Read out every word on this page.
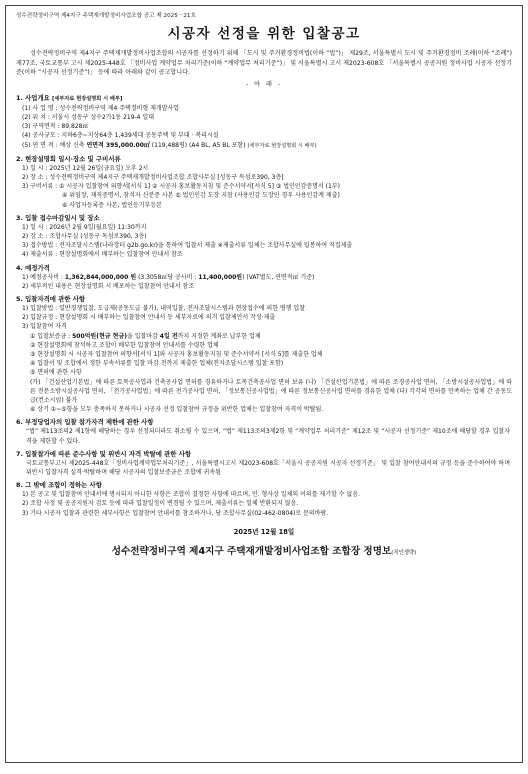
성수전략정비구역 제4지구 주택재개발정비사업조합 공고 제 2025－21호
시공자 선정을 위한 입찰공고

성수전략정비구역 제4지구 주택재개발정비사업조합의 시공자를 선정하기 위해 「도시 및 주거환경정비법(이하 “법”)」 제29조, 서울특별시 도시 및 주거환경정비 조례(이하 “조례”) 제77조, 국토교통부 고시 제2025-448호 「정비사업 계약업무 처리기준(이하 “계약업무 처리기준”)」 및 서울특별시 고시 제2023-608호 「서울특별시 공공지원 정비사업 시공자 선정기준(이하 “시공자 선정기준”)」 등에 따라 아래와 같이 공고합니다.

- 아 래 -
1. 사업개요 [세부자료 현장설명회 시 배부]
(1) 사 업 명 : 성수전략정비구역 제4 주택정비형 재개발사업
(2) 위 치 : 서울시 성동구 성수2가1동 219-4 일대
(3) 구역면적 : 89,828㎡
(4) 공사규모 : 지하6층~지상64층 1,439세대 공동주택 및 부대 · 복리시설
(5) 연 면 적 : 예상 신축 연면적 395,000.00㎡ (119,488평) (A4 BL, A5 BL 포함) (세부자료 현장설명회 시 배부)
2. 현장설명회 일시·장소 및 구비서류
1) 일 시 : 2025년 12월 26일(금요일) 오후 2시
2) 장 소 : 성수전략정비구역 제4지구 주택재개발정비사업조합 조합사무실 [성동구 독섬로390, 3층]
3) 구비서류 : ① 시공자 입찰참여 의향서[서식 1] ② 시공자 홍보활동지침 및 준수서약서[서식 5] ③ 법인인감증명서 (1부)
④ 위임장, 재직증명서, 참석자 신분증 사본 ⑤ 법인인감 도장 지참 (사용인감 도장인 경우 사용인감계 제출)
⑥ 사업자등록증 사본, 법인등기부등본
3. 입찰 접수마감일시 및 장소
1) 일 시 : 2026년 2월 9일(월요일) 11:30까지
2) 장 소 : 조합사무실 (성동구 독섬로390, 3층)
3) 접수방법 : 전자조달시스템(나라장터 g2b.go.kr)을 통하여 입찰서 제출 ※제출서류 일체는 조합사무실에 밀봉하여 직접제출
4) 제출서류 : 현장설명회에서 배부하는 입찰참여 안내서 참조
4. 예정가격
1) 예정공사비 : 1,362,844,000,000 원 (3.3058㎡당 공사비 : 11,400,000원) (VAT별도, 연면적㎡ 기준)
2) 세부적인 내용은 현장설명회 시 배포하는 입찰참여 안내서 참조
5. 입찰자격에 관한 사항
1) 입찰방법 : 일반경쟁입찰, 도급제(공동도급 불가), 내역입찰, 전자조달시스템과 현장접수에 의한 병행 입찰
2) 입찰규정 : 현장설명회 시 배부하는 입찰참여 안내서 등 세부자료에 의거 입찰제안서 작성·제출
3) 입찰참여 자격
① 입찰보증금 : 500억원(현금 현금)을 입찰마감 4일 전까지 지정한 계좌로 납부한 업체
② 현장설명회에 참석하고 조합이 배부한 입찰참여 안내서를 수령한 업체
③ 현장설명회 시 시공자 입찰참여 의향서[서식 1]와 시공자 홍보활동지침 및 준수서약서 [서식 5]를 제출한 업체
④ 입찰서 및 조합에서 정한 부속서류를 입찰 마감 전까지 제출한 업체(전자조달시스템 입찰 포함)
⑤ 면허에 관한 사항
(가) 「건설산업기본법」에 따른 토목공사업과 건축공사업 면허를 경유하거나 토목건축공사업 면허 보유 (나) 「건설산업기본법」에 따른 조경공사업 면허, 「소방시설공사업법」에 따른 전문소방시설공사업 면허, 「전기공사업법」에 따른 전기공사업 면허, 「정보통신공사업법」에 따른 정보통신공사업 면허를 경유한 업체 (다) 각각의 면허를 만족하는 업체 간 공동도급(컨소시엄) 불가
⑥ 상기 ①~⑤항을 모두 충족하지 못하거나 시공자 선정 입찰참여 규정을 위반한 업체는 입찰참여 자격이 박탈됨.
6. 부정당업자의 입찰 참가자격 제한에 관한 사항
“법” 제113조의2 제1항에 해당하는 경우 선정되더라도 취소될 수 있으며, “법” 제113조의3제2항 및 “계약업무 처리기준” 제12조 및 “시공자 선정기준” 제10조에 해당할 경우 입찰자격을 제한할 수 있다.
7. 입찰참가에 따른 준수사항 및 위반시 자격 박탈에 관한 사항
국토교통부고시 제2025-448호「정비사업계약업무처리기준」, 서울특별시고시 제2023-608호「서울시 공공지원 시공자 선정기준」 및 입찰 참여안내서의 규정 등을 준수하여야 하며 위반시 입찰자격 실격·박탈하며 해당 시공자의 입찰보증금은 조합에 귀속됨
8. 그 밖에 조합이 정하는 사항
1) 본 공고 및 입찰참여 안내서에 명시되지 아니한 사항은 조합이 결정한 사항에 따르며, 민. 형사상 일체의 이의를 제기할 수 없음.
2) 조합 사정 및 공공지원자 검토 등에 따라 입찰일정이 변경될 수 있으며, 제출서류는 일체 반환되지 않음.
3) 기타 시공자 입찰과 관련한 세부사항은 입찰참여 안내서를 참조하거나, 당 조합사무실(02-462-0804)로 문의바람.
2025년 12월 18일
성수전략정비구역 제4지구 주택재개발정비사업조합 조합장 정명보(직인생략)
